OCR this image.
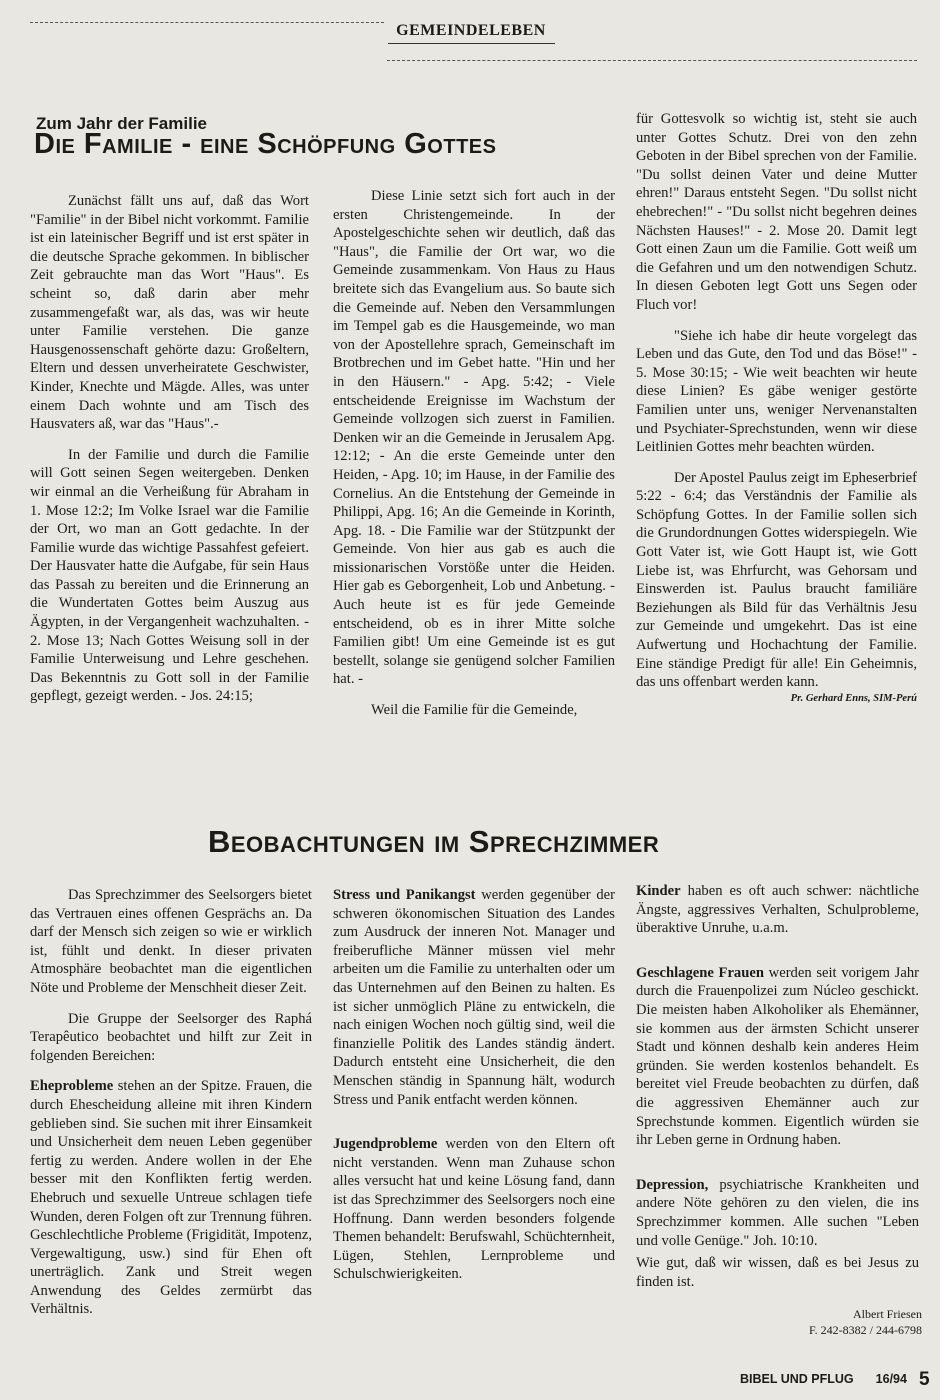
GEMEINDELEBEN
Zum Jahr der Familie
Die Familie - eine Schöpfung Gottes

Zunächst fällt uns auf, daß das Wort "Familie" in der Bibel nicht vorkommt. Familie ist ein lateinischer Begriff und ist erst später in die deutsche Sprache gekommen. In biblischer Zeit gebrauchte man das Wort "Haus". Es scheint so, daß darin aber mehr zusammengefaßt war, als das, was wir heute unter Familie verstehen. Die ganze Hausgenossenschaft gehörte dazu: Großeltern, Eltern und dessen unverheiratete Geschwister, Kinder, Knechte und Mägde. Alles, was unter einem Dach wohnte und am Tisch des Hausvaters aß, war das "Haus".-

In der Familie und durch die Familie will Gott seinen Segen weitergeben. Denken wir einmal an die Verheißung für Abraham in 1. Mose 12:2; Im Volke Israel war die Familie der Ort, wo man an Gott gedachte. In der Familie wurde das wichtige Passahfest gefeiert. Der Hausvater hatte die Aufgabe, für sein Haus das Passah zu bereiten und die Erinnerung an die Wundertaten Gottes beim Auszug aus Ägypten, in der Vergangenheit wachzuhalten. - 2. Mose 13; Nach Gottes Weisung soll in der Familie Unterweisung und Lehre geschehen. Das Bekenntnis zu Gott soll in der Familie gepflegt, gezeigt werden. - Jos. 24:15;

Diese Linie setzt sich fort auch in der ersten Christengemeinde. In der Apostelgeschichte sehen wir deutlich, daß das "Haus", die Familie der Ort war, wo die Gemeinde zusammenkam. Von Haus zu Haus breitete sich das Evangelium aus. So baute sich die Gemeinde auf. Neben den Versammlungen im Tempel gab es die Hausgemeinde, wo man von der Apostellehre sprach, Gemeinschaft im Brotbrechen und im Gebet hatte. "Hin und her in den Häusern." - Apg. 5:42; - Viele entscheidende Ereignisse im Wachstum der Gemeinde vollzogen sich zuerst in Familien. Denken wir an die Gemeinde in Jerusalem Apg. 12:12; - An die erste Gemeinde unter den Heiden, - Apg. 10; im Hause, in der Familie des Cornelius. An die Entstehung der Gemeinde in Philippi, Apg. 16; An die Gemeinde in Korinth, Apg. 18. - Die Familie war der Stützpunkt der Gemeinde. Von hier aus gab es auch die missionarischen Vorstöße unter die Heiden. Hier gab es Geborgenheit, Lob und Anbetung. - Auch heute ist es für jede Gemeinde entscheidend, ob es in ihrer Mitte solche Familien gibt! Um eine Gemeinde ist es gut bestellt, solange sie genügend solcher Familien hat. -

Weil die Familie für die Gemeinde,

für Gottesvolk so wichtig ist, steht sie auch unter Gottes Schutz. Drei von den zehn Geboten in der Bibel sprechen von der Familie. "Du sollst deinen Vater und deine Mutter ehren!" Daraus entsteht Segen. "Du sollst nicht ehebrechen!" - "Du sollst nicht begehren deines Nächsten Hauses!" - 2. Mose 20. Damit legt Gott einen Zaun um die Familie. Gott weiß um die Gefahren und um den notwendigen Schutz. In diesen Geboten legt Gott uns Segen oder Fluch vor!

"Siehe ich habe dir heute vorgelegt das Leben und das Gute, den Tod und das Böse!" - 5. Mose 30:15; - Wie weit beachten wir heute diese Linien? Es gäbe weniger gestörte Familien unter uns, weniger Nervenanstalten und Psychiater-Sprechstunden, wenn wir diese Leitlinien Gottes mehr beachten würden.

Der Apostel Paulus zeigt im Epheserbrief 5:22 - 6:4; das Verständnis der Familie als Schöpfung Gottes. In der Familie sollen sich die Grundordnungen Gottes widerspiegeln. Wie Gott Vater ist, wie Gott Haupt ist, wie Gott Liebe ist, was Ehrfurcht, was Gehorsam und Einswerden ist. Paulus braucht familiäre Beziehungen als Bild für das Verhältnis Jesu zur Gemeinde und umgekehrt. Das ist eine Aufwertung und Hochachtung der Familie. Eine ständige Predigt für alle! Ein Geheimnis, das uns offenbart werden kann.

Pr. Gerhard Enns, SIM-Perú
Beobachtungen im Sprechzimmer

Das Sprechzimmer des Seelsorgers bietet das Vertrauen eines offenen Gesprächs an. Da darf der Mensch sich zeigen so wie er wirklich ist, fühlt und denkt. In dieser privaten Atmosphäre beobachtet man die eigentlichen Nöte und Probleme der Menschheit dieser Zeit.

Die Gruppe der Seelsorger des Raphá Terapêutico beobachtet und hilft zur Zeit in folgenden Bereichen:

Eheprobleme stehen an der Spitze. Frauen, die durch Ehescheidung alleine mit ihren Kindern geblieben sind. Sie suchen mit ihrer Einsamkeit und Unsicherheit dem neuen Leben gegenüber fertig zu werden. Andere wollen in der Ehe besser mit den Konflikten fertig werden. Ehebruch und sexuelle Untreue schlagen tiefe Wunden, deren Folgen oft zur Trennung führen. Geschlechtliche Probleme (Frigidität, Impotenz, Vergewaltigung, usw.) sind für Ehen oft unerträglich. Zank und Streit wegen Anwendung des Geldes zermürbt das Verhältnis.

Stress und Panikangst werden gegenüber der schweren ökonomischen Situation des Landes zum Ausdruck der inneren Not. Manager und freiberufliche Männer müssen viel mehr arbeiten um die Familie zu unterhalten oder um das Unternehmen auf den Beinen zu halten. Es ist sicher unmöglich Pläne zu entwickeln, die nach einigen Wochen noch gültig sind, weil die finanzielle Politik des Landes ständig ändert. Dadurch entsteht eine Unsicherheit, die den Menschen ständig in Spannung hält, wodurch Stress und Panik entfacht werden können.

Jugendprobleme werden von den Eltern oft nicht verstanden. Wenn man Zuhause schon alles versucht hat und keine Lösung fand, dann ist das Sprechzimmer des Seelsorgers noch eine Hoffnung. Dann werden besonders folgende Themen behandelt: Berufswahl, Schüchternheit, Lügen, Stehlen, Lernprobleme und Schulschwierigkeiten.

Kinder haben es oft auch schwer: nächtliche Ängste, aggressives Verhalten, Schulprobleme, überaktive Unruhe, u.a.m.

Geschlagene Frauen werden seit vorigem Jahr durch die Frauenpolizei zum Núcleo geschickt. Die meisten haben Alkoholiker als Ehemänner, sie kommen aus der ärmsten Schicht unserer Stadt und können deshalb kein anderes Heim gründen. Sie werden kostenlos behandelt. Es bereitet viel Freude beobachten zu dürfen, daß die aggressiven Ehemänner auch zur Sprechstunde kommen. Eigentlich würden sie ihr Leben gerne in Ordnung haben.

Depression, psychiatrische Krankheiten und andere Nöte gehören zu den vielen, die ins Sprechzimmer kommen. Alle suchen "Leben und volle Genüge." Joh. 10:10.

Wie gut, daß wir wissen, daß es bei Jesus zu finden ist.

Albert Friesen
F. 242-8382 / 244-6798
BIBEL UND PFLUG 16/94 5
